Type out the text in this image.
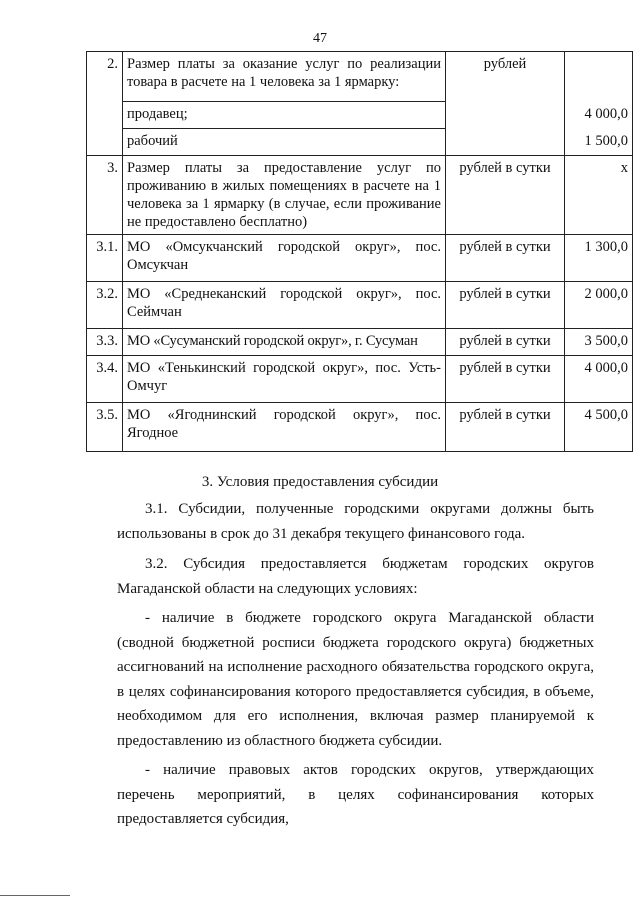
47
2.	Размер платы за оказание услуг по реализации товара в расчете на 1 человека за 1 ярмарку:	рублей	
	продавец;		4 000,0
	рабочий		1 500,0
3.	Размер платы за предоставление услуг по проживанию в жилых помещениях в расчете на 1 человека за 1 ярмарку (в случае, если проживание не предоставлено бесплатно)	рублей в сутки	х
3.1.	МО «Омсукчанский городской округ», пос. Омсукчан	рублей в сутки	1 300,0
3.2.	МО «Среднеканский городской округ», пос. Сеймчан	рублей в сутки	2 000,0
3.3.	МО «Сусуманский городской округ», г. Сусуман	рублей в сутки	3 500,0
3.4.	МО «Тенькинский городской округ», пос. Усть-Омчуг	рублей в сутки	4 000,0
3.5.	МО «Ягоднинский городской округ», пос. Ягодное	рублей в сутки	4 500,0
3. Условия предоставления субсидии
3.1. Субсидии, полученные городскими округами должны быть использованы в срок до 31 декабря текущего финансового года.
3.2. Субсидия предоставляется бюджетам городских округов Магаданской области на следующих условиях:
- наличие в бюджете городского округа Магаданской области (сводной бюджетной росписи бюджета городского округа) бюджетных ассигнований на исполнение расходного обязательства городского округа, в целях софинансирования которого предоставляется субсидия, в объеме, необходимом для его исполнения, включая размер планируемой к предоставлению из областного бюджета субсидии.
- наличие правовых актов городских округов, утверждающих перечень мероприятий, в целях софинансирования которых предоставляется субсидия,
